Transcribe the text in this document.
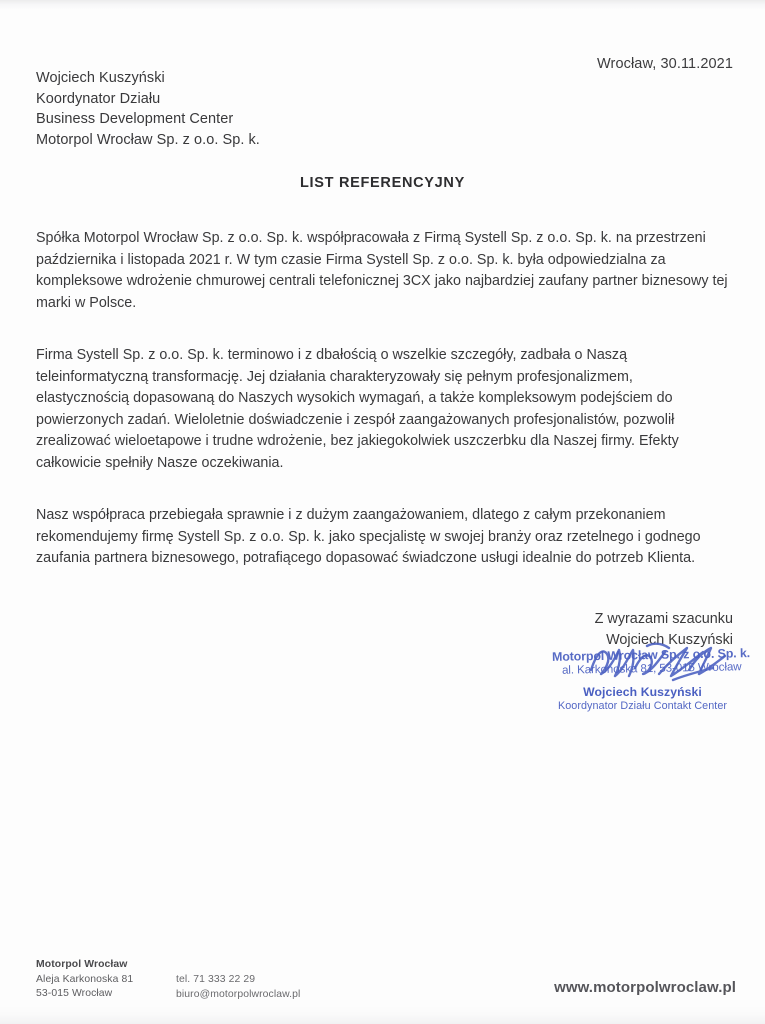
Wrocław, 30.11.2021
Wojciech Kuszyński
Koordynator Działu
Business Development Center
Motorpol Wrocław Sp. z o.o. Sp. k.
LIST REFERENCYJNY

Spółka Motorpol Wrocław Sp. z o.o. Sp. k. współpracowała z Firmą Systell Sp. z o.o. Sp. k. na przestrzeni października i listopada 2021 r. W tym czasie Firma Systell Sp. z o.o. Sp. k. była odpowiedzialna za kompleksowe wdrożenie chmurowej centrali telefonicznej 3CX jako najbardziej zaufany partner biznesowy tej marki w Polsce.

Firma Systell Sp. z o.o. Sp. k. terminowo i z dbałością o wszelkie szczegóły, zadbała o Naszą teleinformatyczną transformację. Jej działania charakteryzowały się pełnym profesjonalizmem, elastycznością dopasowaną do Naszych wysokich wymagań, a także kompleksowym podejściem do powierzonych zadań. Wieloletnie doświadczenie i zespół zaangażowanych profesjonalistów, pozwolił zrealizować wieloetapowe i trudne wdrożenie, bez jakiegokolwiek uszczerbku dla Naszej firmy. Efekty całkowicie spełniły Nasze oczekiwania.

Nasz współpraca przebiegała sprawnie i z dużym zaangażowaniem, dlatego z całym przekonaniem rekomendujemy firmę Systell Sp. z o.o. Sp. k. jako specjalistę w swojej branży oraz rzetelnego i godnego zaufania partnera biznesowego, potrafiącego dopasować świadczone usługi idealnie do potrzeb Klienta.

Z wyrazami szacunku
Wojciech Kuszyński
Motorpol Wrocław Sp. z o.o. Sp. k.
al. Karkonoska 81, 53-015 Wrocław
Wojciech Kuszyński
Koordynator Działu Contakt Center
Motorpol Wrocław
Aleja Karkonoska 81
53-015 Wrocław
tel. 71 333 22 29
biuro@motorpolwroclaw.pl	www.motorpolwroclaw.pl
